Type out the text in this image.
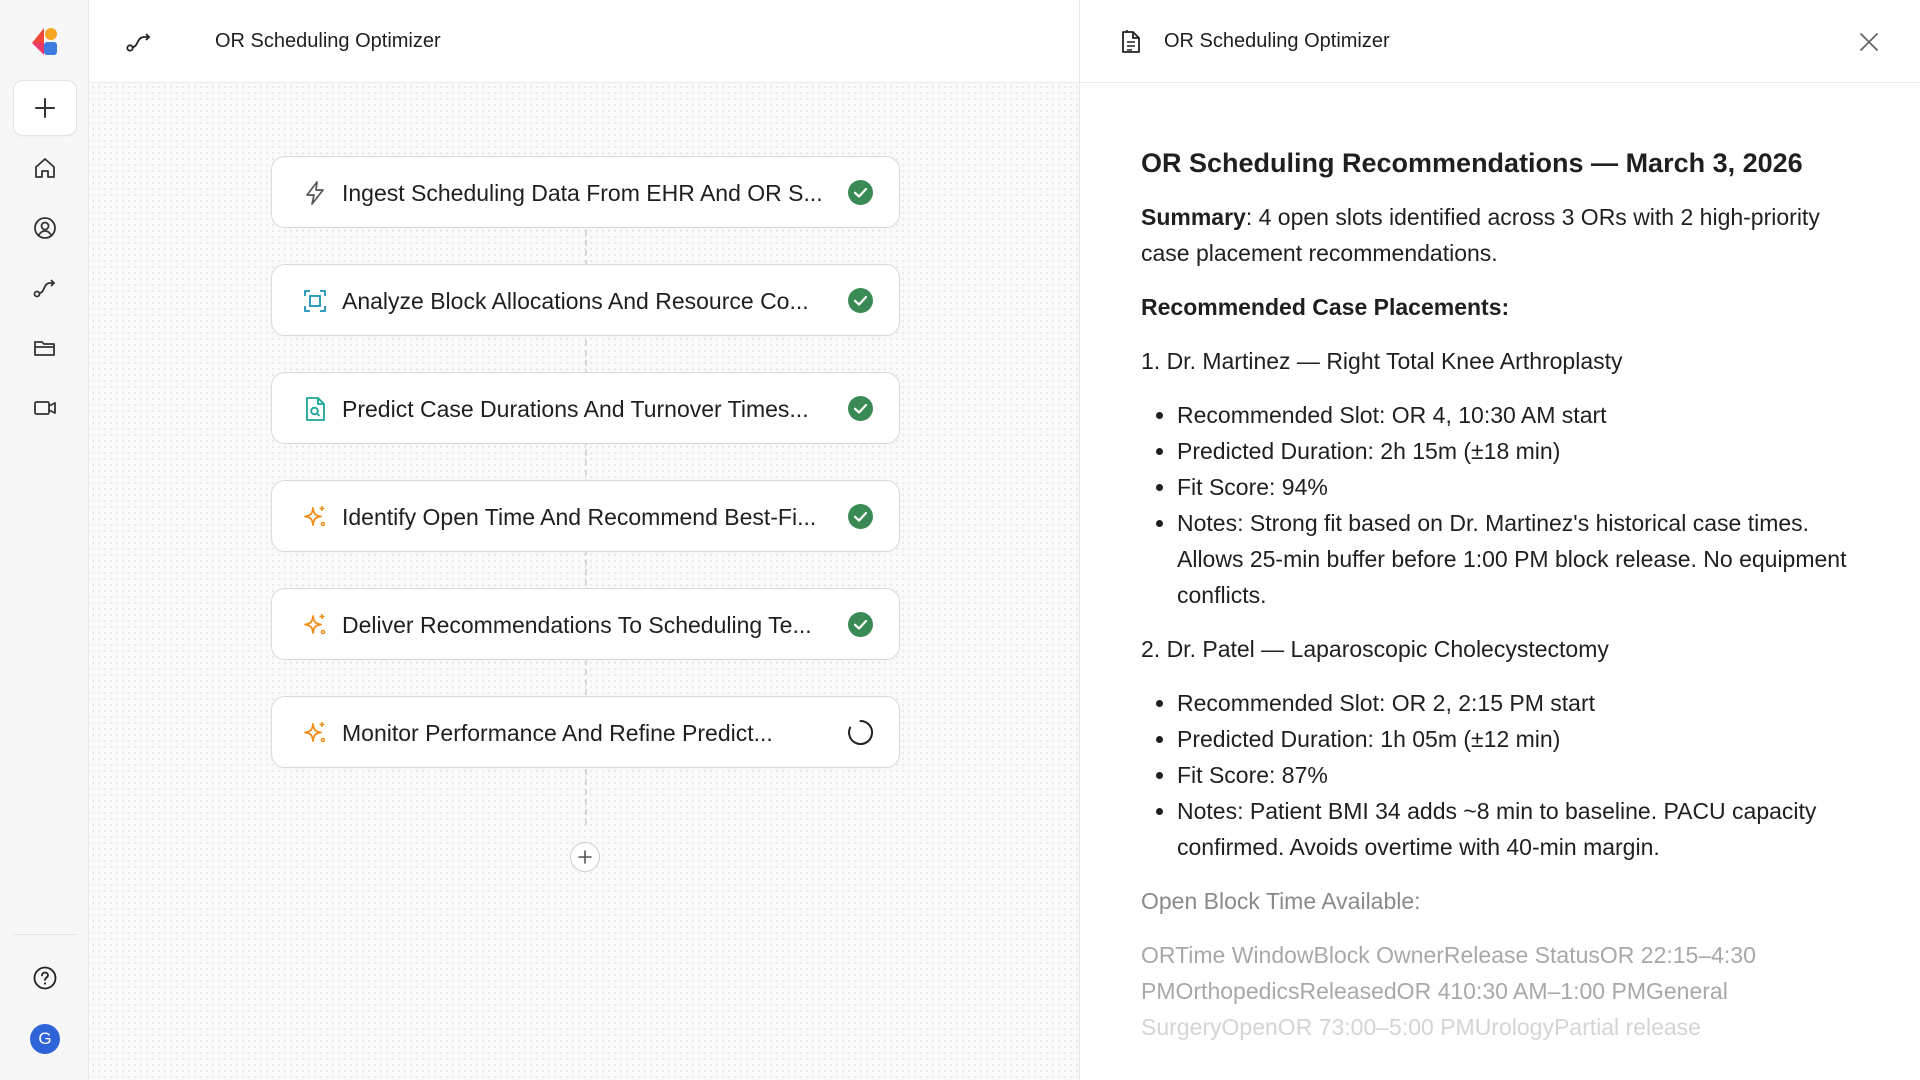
G
OR Scheduling Optimizer
Ingest Scheduling Data From EHR And OR S...
Analyze Block Allocations And Resource Co...
Predict Case Durations And Turnover Times...
Identify Open Time And Recommend Best-Fi...
Deliver Recommendations To Scheduling Te...
Monitor Performance And Refine Predict...
OR Scheduling Optimizer
OR Scheduling Recommendations — March 3, 2026

Summary: 4 open slots identified across 3 ORs with 2 high-priority case placement recommendations.

Recommended Case Placements:

1. Dr. Martinez — Right Total Knee Arthroplasty

• Recommended Slot: OR 4, 10:30 AM start
• Predicted Duration: 2h 15m (±18 min)
• Fit Score: 94%
• Notes: Strong fit based on Dr. Martinez's historical case times. Allows 25-min buffer before 1:00 PM block release. No equipment conflicts.

2. Dr. Patel — Laparoscopic Cholecystectomy

• Recommended Slot: OR 2, 2:15 PM start
• Predicted Duration: 1h 05m (±12 min)
• Fit Score: 87%
• Notes: Patient BMI 34 adds ~8 min to baseline. PACU capacity confirmed. Avoids overtime with 40-min margin.

Open Block Time Available:

ORTime WindowBlock OwnerRelease StatusOR 22:15–4:30
PMOrthopedicsReleasedOR 410:30 AM–1:00 PMGeneral
SurgeryOpenOR 73:00–5:00 PMUrologyPartial release
